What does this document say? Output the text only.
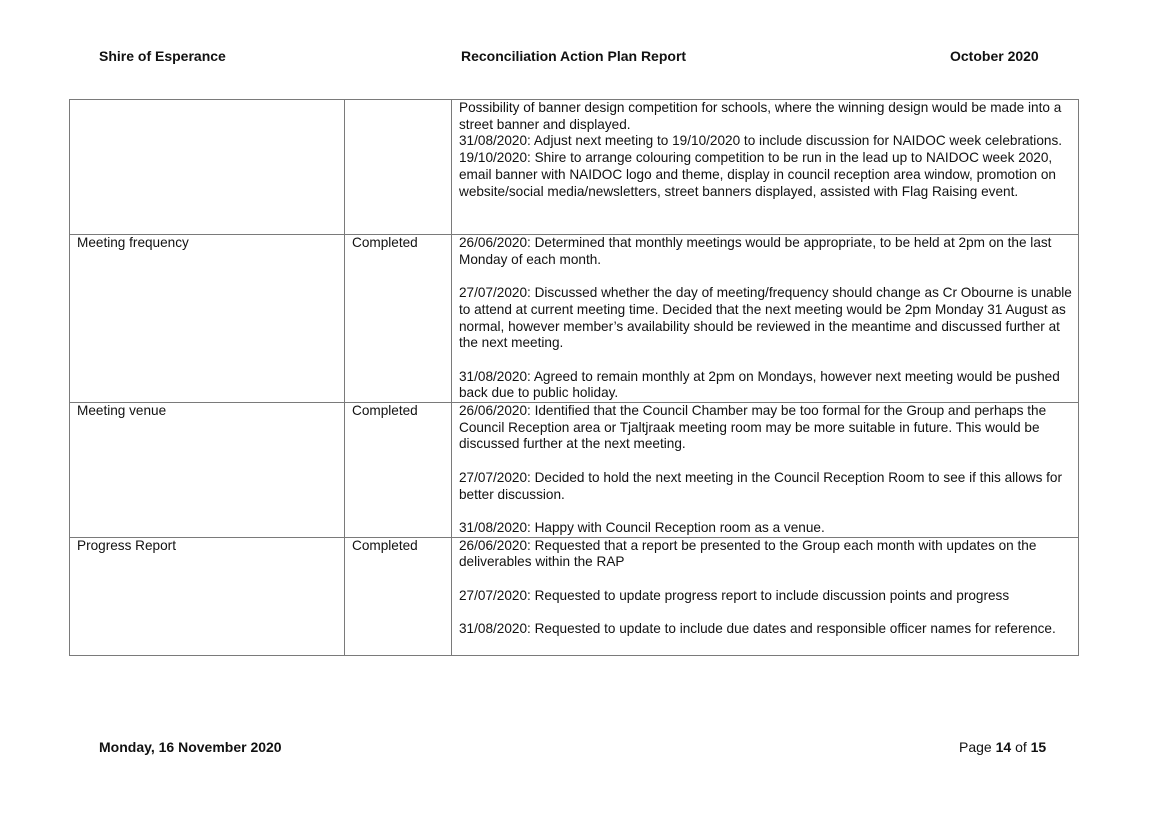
Shire of Esperance	Reconciliation Action Plan Report	October 2020

		Possibility of banner design competition for schools, where the winning design would be made into a street banner and displayed.
31/08/2020: Adjust next meeting to 19/10/2020 to include discussion for NAIDOC week celebrations.
19/10/2020: Shire to arrange colouring competition to be run in the lead up to NAIDOC week 2020, email banner with NAIDOC logo and theme, display in council reception area window, promotion on website/social media/newsletters, street banners displayed, assisted with Flag Raising event.

Meeting frequency	Completed	26/06/2020: Determined that monthly meetings would be appropriate, to be held at 2pm on the last Monday of each month.
27/07/2020: Discussed whether the day of meeting/frequency should change as Cr Obourne is unable to attend at current meeting time. Decided that the next meeting would be 2pm Monday 31 August as normal, however member’s availability should be reviewed in the meantime and discussed further at the next meeting.
31/08/2020: Agreed to remain monthly at 2pm on Mondays, however next meeting would be pushed back due to public holiday.

Meeting venue	Completed	26/06/2020: Identified that the Council Chamber may be too formal for the Group and perhaps the Council Reception area or Tjaltjraak meeting room may be more suitable in future. This would be discussed further at the next meeting.
27/07/2020: Decided to hold the next meeting in the Council Reception Room to see if this allows for better discussion.
31/08/2020: Happy with Council Reception room as a venue.

Progress Report	Completed	26/06/2020: Requested that a report be presented to the Group each month with updates on the deliverables within the RAP
27/07/2020: Requested to update progress report to include discussion points and progress
31/08/2020: Requested to update to include due dates and responsible officer names for reference.
Monday, 16 November 2020	Page 14 of 15
